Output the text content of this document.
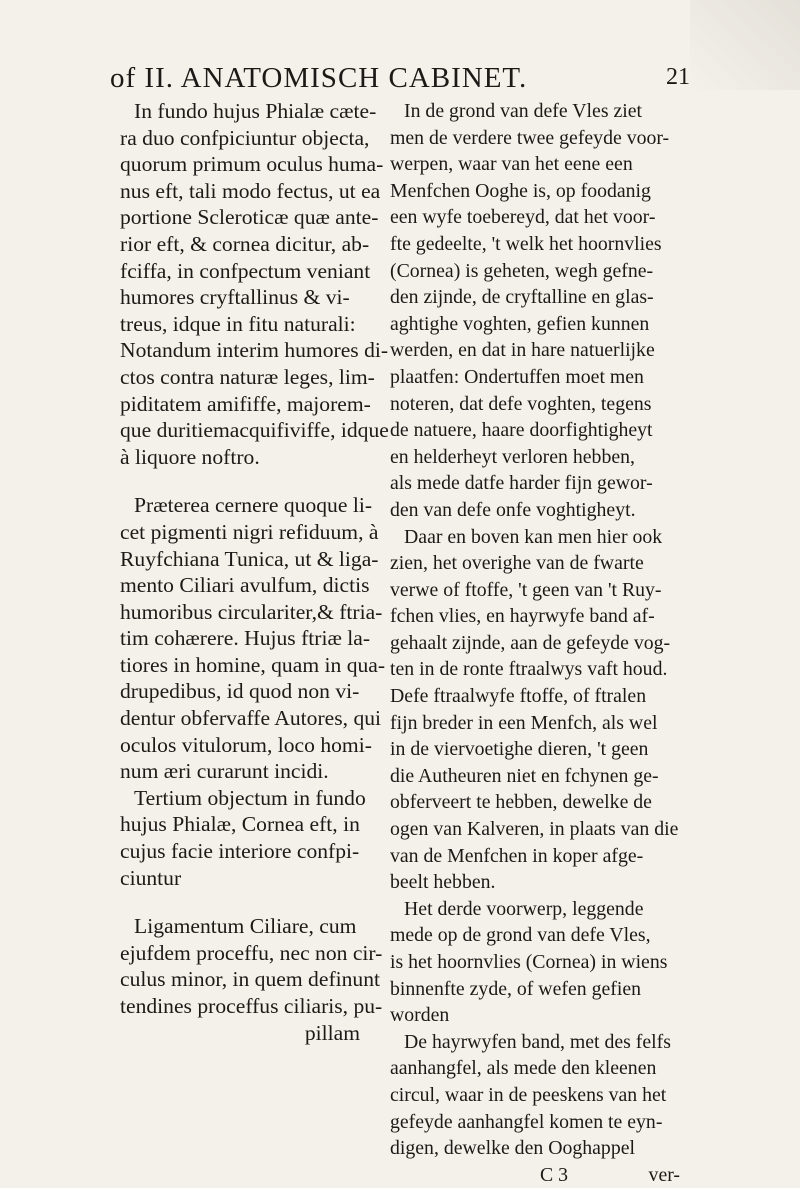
of II. ANATOMISCH CABINET.	21
In fundo hujus Phialæ cæte-
ra duo confpiciuntur objecta,
quorum primum oculus huma-
nus eft, tali modo fectus, ut ea
portione Scleroticæ quæ ante-
rior eft, & cornea dicitur, ab-
fciffa, in confpectum veniant
humores cryftallinus & vi-
treus, idque in fitu naturali:
Notandum interim humores di-
ctos contra naturæ leges, lim-
piditatem amififfe, majorem-
que duritiemacquifiviffe, idque
à liquore noftro.
Præterea cernere quoque li-
cet pigmenti nigri refiduum, à
Ruyfchiana Tunica, ut & liga-
mento Ciliari avulfum, dictis
humoribus circulariter,& ftria-
tim cohærere. Hujus ftriæ la-
tiores in homine, quam in qua-
drupedibus, id quod non vi-
dentur obfervaffe Autores, qui
oculos vitulorum, loco homi-
num æri curarunt incidi.
Tertium objectum in fundo
hujus Phialæ, Cornea eft, in
cujus facie interiore confpi-
ciuntur
Ligamentum Ciliare, cum
ejufdem proceffu, nec non cir-
culus minor, in quem definunt
tendines proceffus ciliaris, pu-
pillam
In de grond van defe Vles ziet
men de verdere twee gefeyde voor-
werpen, waar van het eene een
Menfchen Ooghe is, op foodanig
een wyfe toebereyd, dat het voor-
fte gedeelte, 't welk het hoornvlies
(Cornea) is geheten, wegh gefne-
den zijnde, de cryftalline en glas-
aghtighe voghten, gefien kunnen
werden, en dat in hare natuerlijke
plaatfen: Ondertuffen moet men
noteren, dat defe voghten, tegens
de natuere, haare doorfightigheyt
en helderheyt verloren hebben,
als mede datfe harder fijn gewor-
den van defe onfe voghtigheyt.
Daar en boven kan men hier ook
zien, het overighe van de fwarte
verwe of ftoffe, 't geen van 't Ruy-
fchen vlies, en hayrwyfe band af-
gehaalt zijnde, aan de gefeyde vog-
ten in de ronte ftraalwys vaft houd.
Defe ftraalwyfe ftoffe, of ftralen
fijn breder in een Menfch, als wel
in de viervoetighe dieren, 't geen
die Autheuren niet en fchynen ge-
obferveert te hebben, dewelke de
ogen van Kalveren, in plaats van die
van de Menfchen in koper afge-
beelt hebben.
Het derde voorwerp, leggende
mede op de grond van defe Vles,
is het hoornvlies (Cornea) in wiens
binnenfte zyde, of wefen gefien
worden
De hayrwyfen band, met des felfs
aanhangfel, als mede den kleenen
circul, waar in de peeskens van het
gefeyde aanhangfel komen te eyn-
digen, dewelke den Ooghappel
C 3	ver-
